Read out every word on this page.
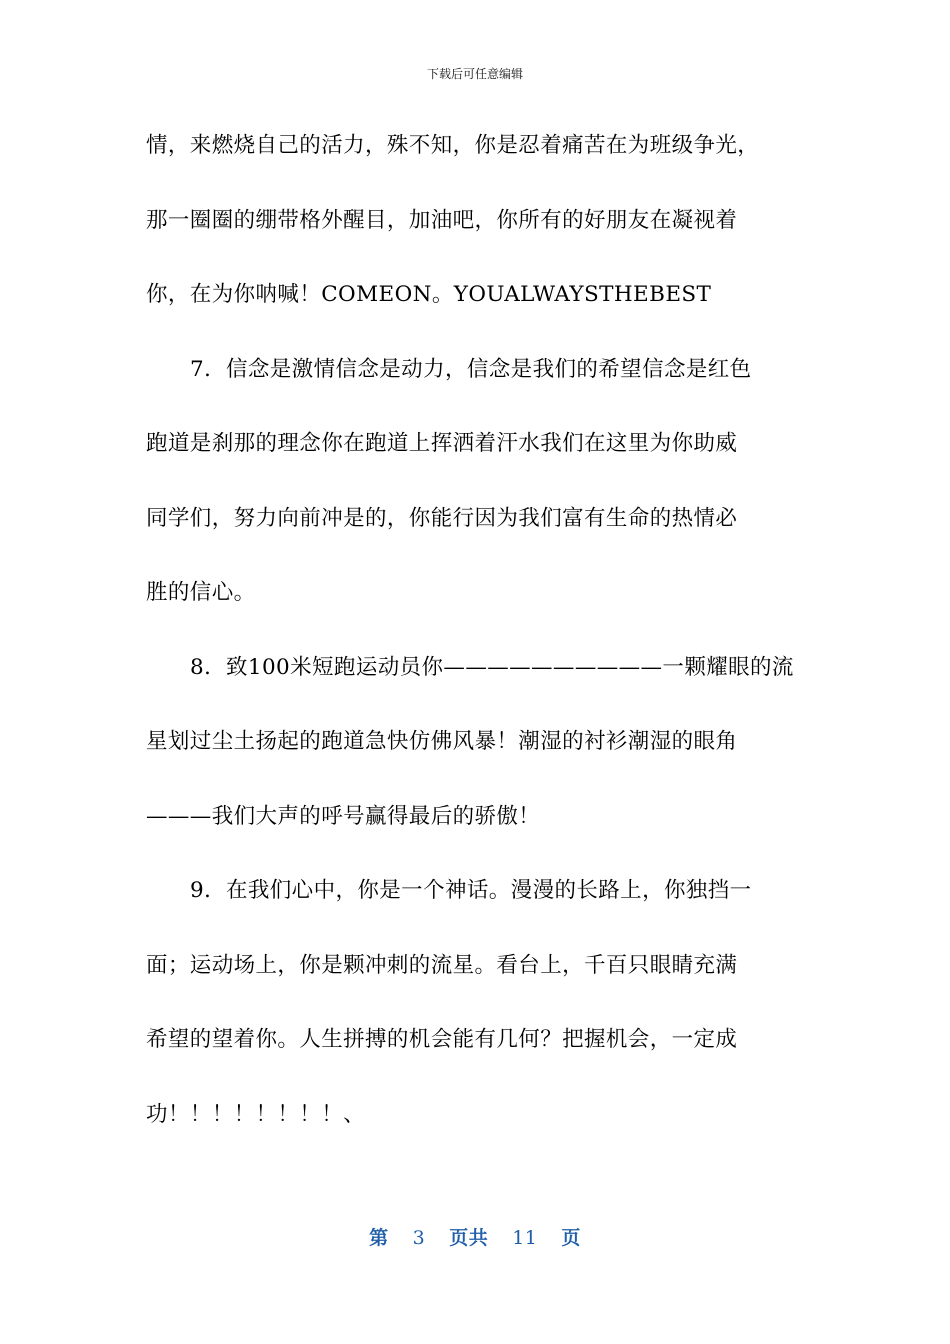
下载后可任意编辑
情，来燃烧自己的活力，殊不知，你是忍着痛苦在为班级争光，
那一圈圈的绷带格外醒目，加油吧，你所有的好朋友在凝视着
你，在为你呐喊！COMEON。YOUALWAYSTHEBEST
7．信念是激情信念是动力，信念是我们的希望信念是红色
跑道是刹那的理念你在跑道上挥洒着汗水我们在这里为你助威
同学们，努力向前冲是的，你能行因为我们富有生命的热情必
胜的信心。
8．致100米短跑运动员你——————————一颗耀眼的流
星划过尘土扬起的跑道急快仿佛风暴！潮湿的衬衫潮湿的眼角
———我们大声的呼号赢得最后的骄傲！
9．在我们心中，你是一个神话。漫漫的长路上，你独挡一
面；运动场上，你是颗冲刺的流星。看台上，千百只眼睛充满
希望的望着你。人生拼搏的机会能有几何？把握机会，一定成
功！！！！！！！！、
第 3 页共 11 页
